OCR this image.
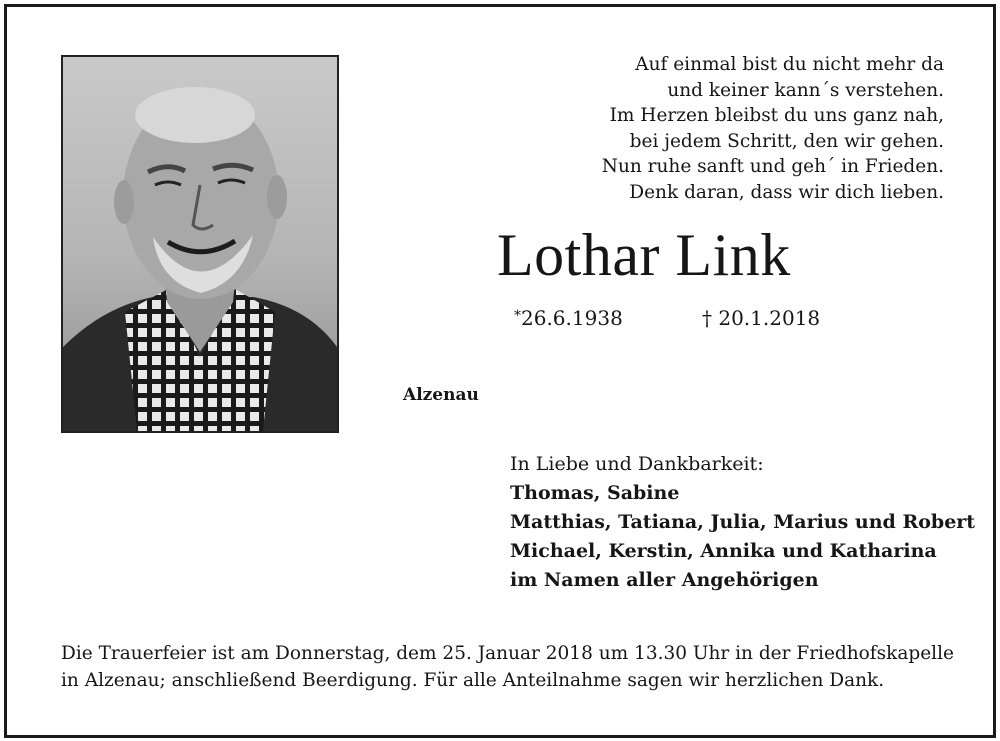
Auf einmal bist du nicht mehr da
und keiner kann´s verstehen.
Im Herzen bleibst du uns ganz nah,
bei jedem Schritt, den wir gehen.
Nun ruhe sanft und geh´ in Frieden.
Denk daran, dass wir dich lieben.
Lothar Link
*26.6.1938	† 20.1.2018
Alzenau
In Liebe und Dankbarkeit:
Thomas, Sabine
Matthias, Tatiana, Julia, Marius und Robert
Michael, Kerstin, Annika und Katharina
im Namen aller Angehörigen
Die Trauerfeier ist am Donnerstag, dem 25. Januar 2018 um 13.30 Uhr in der Friedhofskapelle
in Alzenau; anschließend Beerdigung. Für alle Anteilnahme sagen wir herzlichen Dank.
